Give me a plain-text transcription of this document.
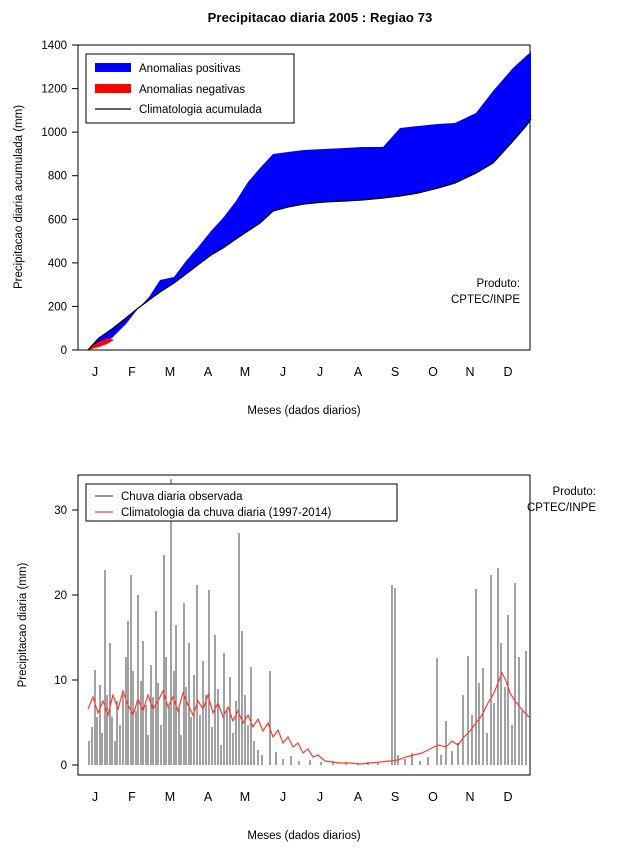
Precipitacao diaria 2005 : Regiao 73
0
200
400
600
800
1000
1200
1400
Precipitacao diaria acumulada (mm)
J F M A M J J A S O N D
Meses (dados diarios)
Anomalias positivas
Anomalias negativas
Climatologia acumulada
Produto:
CPTEC/INPE
0
10
20
30
Precipitacao diaria (mm)
J F M A M J J A S O N D
Meses (dados diarios)
Chuva diaria observada
Climatologia da chuva diaria (1997-2014)
Produto:
CPTEC/INPE
